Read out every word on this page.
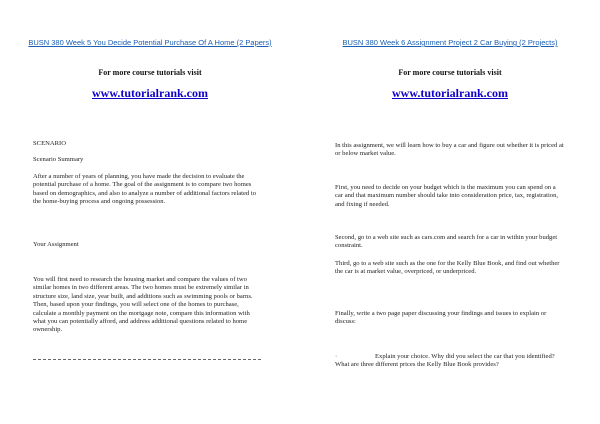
BUSN 380 Week 5 You Decide Potential Purchase Of A Home (2 Papers)
For more course tutorials visit
www.tutorialrank.com
SCENARIO
Scenario Summary
After a number of years of planning, you have made the decision to evaluate the potential purchase of a home. The goal of the assignment is to compare two homes based on demographics, and also to analyze a number of additional factors related to the home-buying process and ongoing possession.
Your Assignment
You will first need to research the housing market and compare the values of two similar homes in two different areas. The two homes must be extremely similar in structure size, land size, year built, and additions such as swimming pools or barns. Then, based upon your findings, you will select one of the homes to purchase, calculate a monthly payment on the mortgage note, compare this information with what you can potentially afford, and address additional questions related to home ownership.
BUSN 380 Week 6 Assignment Project 2 Car Buying (2 Projects)
For more course tutorials visit
www.tutorialrank.com
In this assignment, we will learn how to buy a car and figure out whether it is priced at or below market value.
First, you need to decide on your budget which is the maximum you can spend on a car and that maximum number should take into consideration price, tax, registration, and fixing if needed.
Second, go to a web site such as cars.com and search for a car in within your budget constraint.
Third, go to a web site such as the one for the Kelly Blue Book, and find out whether the car is at market value, overpriced, or underpriced.
Finally, write a two page paper discussing your findings and issues to explain or discuss:
·	Explain your choice. Why did you select the car that you identified? What are three different prices the Kelly Blue Book provides?
